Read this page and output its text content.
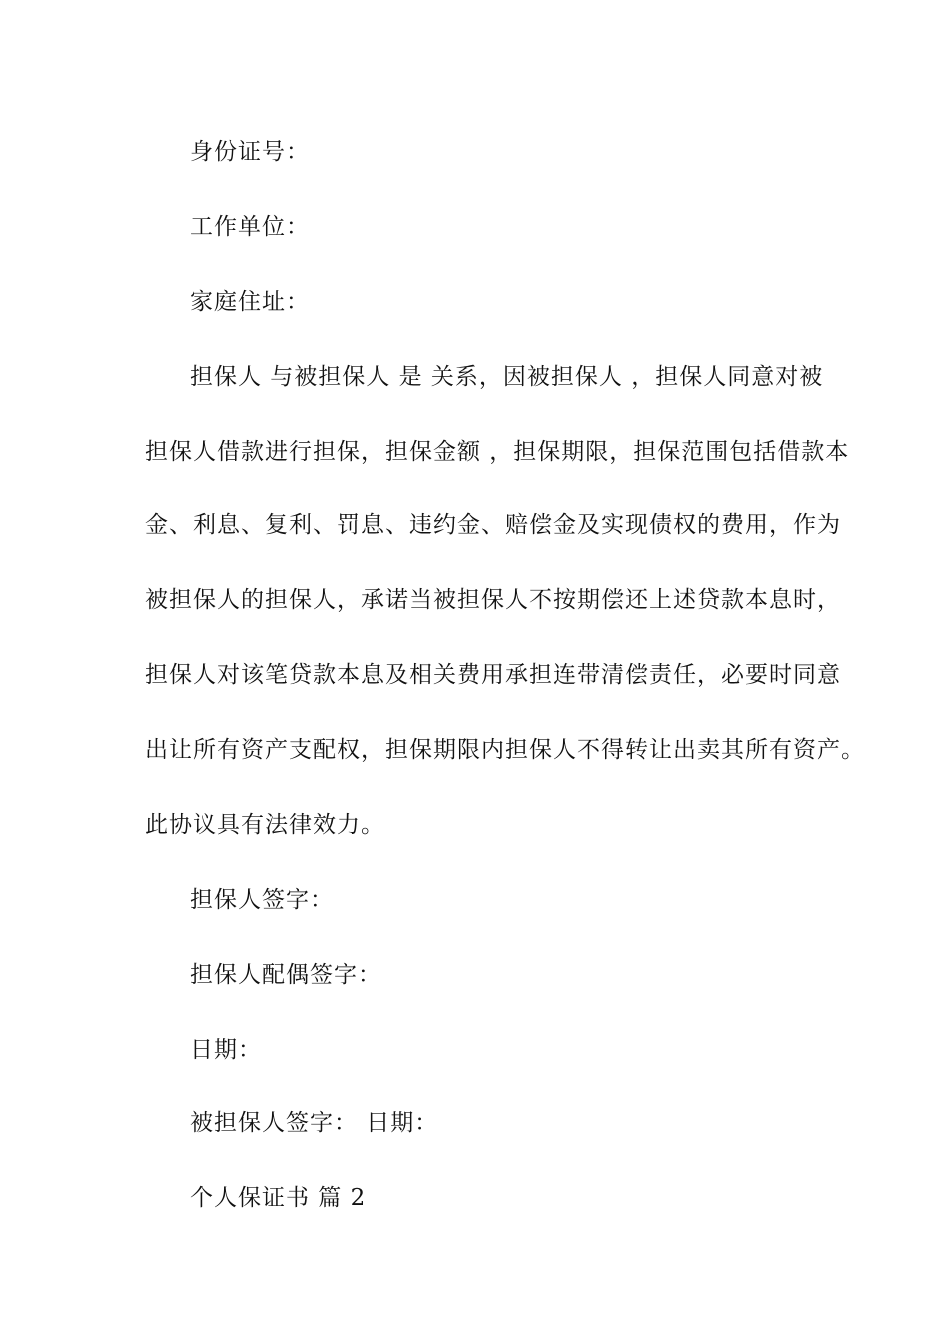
身份证号：
工作单位：
家庭住址：
担保人 与被担保人 是 关系，因被担保人 ，担保人同意对被
担保人借款进行担保，担保金额 ，担保期限，担保范围包括借款本
金、利息、复利、罚息、违约金、赔偿金及实现债权的费用，作为
被担保人的担保人，承诺当被担保人不按期偿还上述贷款本息时，
担保人对该笔贷款本息及相关费用承担连带清偿责任，必要时同意
出让所有资产支配权，担保期限内担保人不得转让出卖其所有资产。
此协议具有法律效力。
担保人签字：
担保人配偶签字：
日期：
被担保人签字： 日期：
个人保证书 篇 2
